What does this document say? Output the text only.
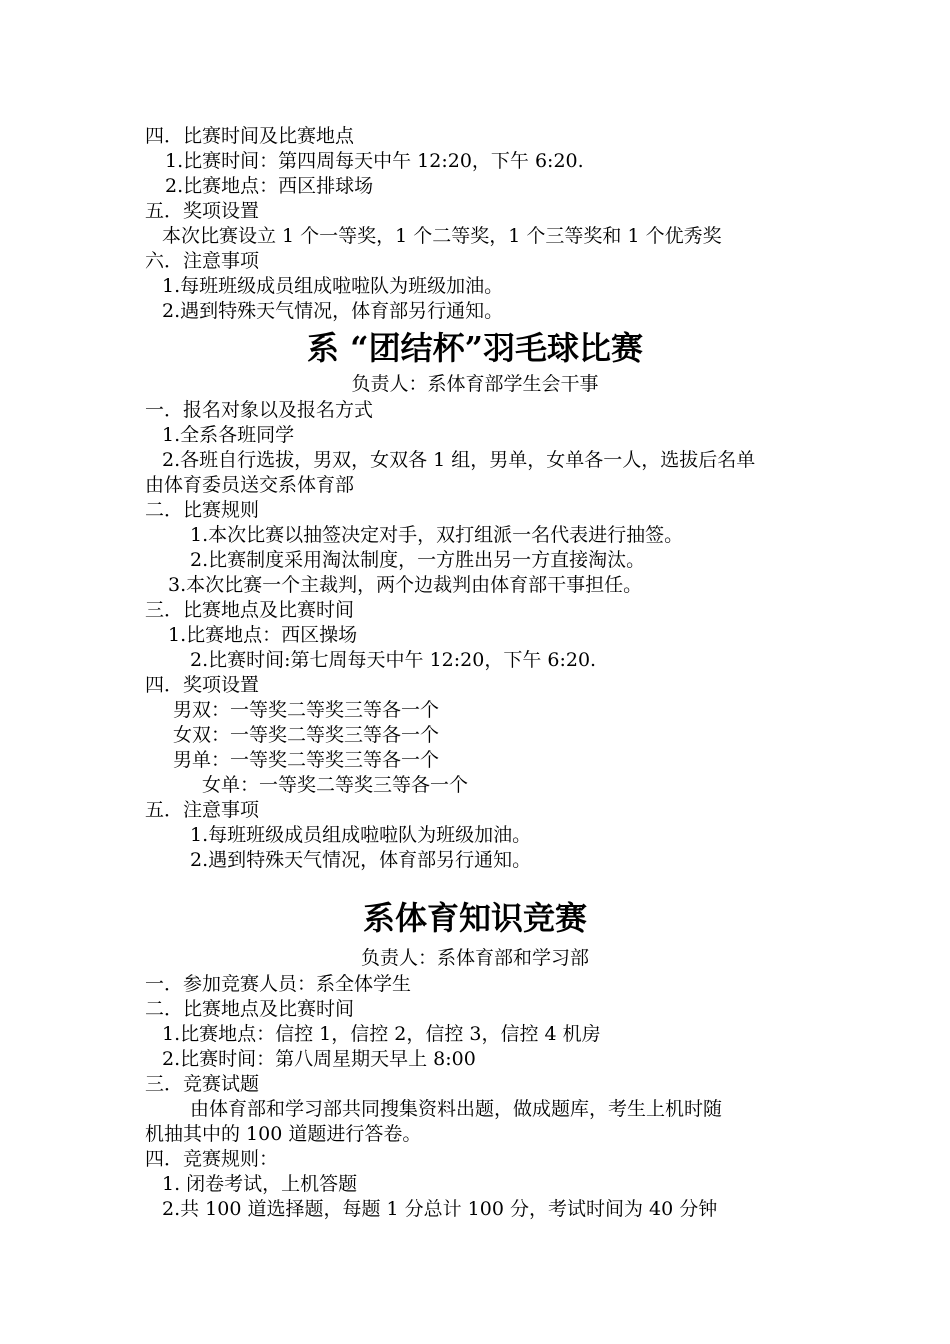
四．比赛时间及比赛地点
1.比赛时间：第四周每天中午 12:20，下午 6:20.
2.比赛地点：西区排球场
五．奖项设置
本次比赛设立 1 个一等奖，1 个二等奖，1 个三等奖和 1 个优秀奖
六．注意事项
1.每班班级成员组成啦啦队为班级加油。
2.遇到特殊天气情况，体育部另行通知。
系 “团结杯”羽毛球比赛
负责人：系体育部学生会干事
一．报名对象以及报名方式
1.全系各班同学
2.各班自行选拔，男双，女双各 1 组，男单，女单各一人，选拔后名单
由体育委员送交系体育部
二．比赛规则
1.本次比赛以抽签决定对手，双打组派一名代表进行抽签。
2.比赛制度采用淘汰制度，一方胜出另一方直接淘汰。
3.本次比赛一个主裁判，两个边裁判由体育部干事担任。
三．比赛地点及比赛时间
1.比赛地点：西区操场
2.比赛时间:第七周每天中午 12:20，下午 6:20.
四．奖项设置
男双：一等奖二等奖三等各一个
女双：一等奖二等奖三等各一个
男单：一等奖二等奖三等各一个
女单：一等奖二等奖三等各一个
五．注意事项
1.每班班级成员组成啦啦队为班级加油。
2.遇到特殊天气情况，体育部另行通知。
系体育知识竞赛
负责人：系体育部和学习部
一．参加竞赛人员：系全体学生
二．比赛地点及比赛时间
1.比赛地点：信控 1，信控 2，信控 3，信控 4 机房
2.比赛时间：第八周星期天早上 8:00
三．竞赛试题
由体育部和学习部共同搜集资料出题，做成题库，考生上机时随
机抽其中的 100 道题进行答卷。
四．竞赛规则：
1. 闭卷考试，上机答题
2.共 100 道选择题，每题 1 分总计 100 分，考试时间为 40 分钟
